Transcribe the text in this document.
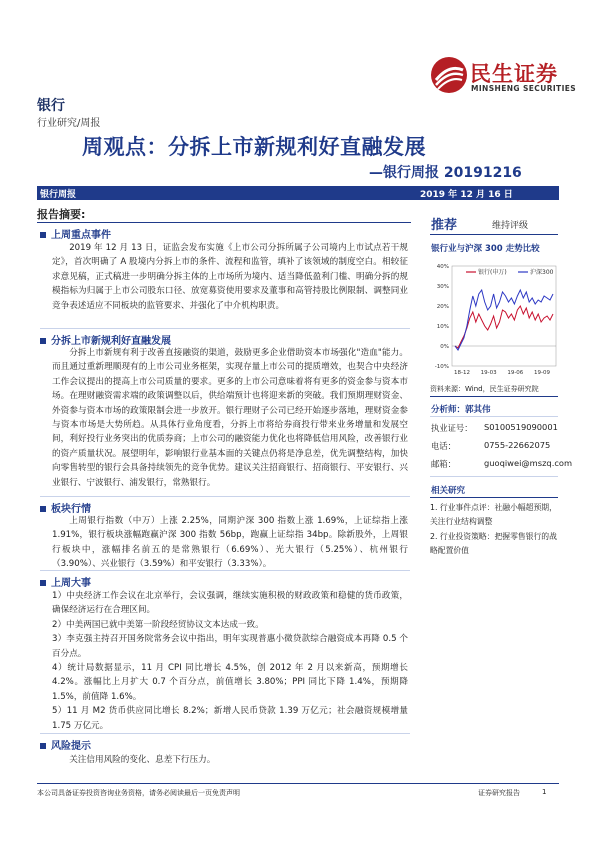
民生证券
MINSHENG SECURITIES
银行
行业研究/周报
周观点：分拆上市新规利好直融发展
—银行周报 20191216
银行周报	2019 年 12 月 16 日
报告摘要:
上周重点事件
2019 年 12 月 13 日，证监会发布实施《上市公司分拆所属子公司境内上市试点若干规定》，首次明确了 A 股境内分拆上市的条件、流程和监管，填补了该领域的制度空白。相较征求意见稿，正式稿进一步明确分拆主体的上市场所为境内、适当降低盈利门槛、明确分拆的规模指标为归属于上市公司股东口径、放宽募资使用要求及董事和高管持股比例限制、调整同业竞争表述适应不同板块的监管要求、并强化了中介机构职责。
分拆上市新规利好直融发展
分拆上市新规有利于改善直接融资的渠道，鼓励更多企业借助资本市场强化"造血"能力。而且通过重新理顺现有的上市公司业务框架，实现存量上市公司的提质增效，也契合中央经济工作会议提出的提高上市公司质量的要求。更多的上市公司意味着将有更多的资金参与资本市场。在理财融资需求端的政策调整以后，供给端预计也将迎来新的突破。我们预期理财资金、外资参与资本市场的政策限制会进一步放开。银行理财子公司已经开始逐步落地，理财资金参与资本市场是大势所趋。从具体行业角度看，分拆上市将给券商投行带来业务增量和发展空间，利好投行业务突出的优质券商；上市公司的融资能力优化也将降低信用风险，改善银行业的资产质量状况。展望明年，影响银行业基本面的关键点仍将是净息差，优先调整结构，加快向零售转型的银行会具备持续领先的竞争优势。建议关注招商银行、招商银行、平安银行、兴业银行、宁波银行、浦发银行，常熟银行。
板块行情
上周银行指数（中万）上涨 2.25%，同期沪深 300 指数上涨 1.69%，上证综指上涨 1.91%，银行板块涨幅跑赢沪深 300 指数 56bp，跑赢上证综指 34bp。除新股外，上周银行板块中，涨幅排名前五的是常熟银行（6.69%）、光大银行（5.25%）、杭州银行（3.90%）、兴业银行（3.59%）和平安银行（3.33%）。
上周大事
1）中央经济工作会议在北京举行，会议强调，继续实施积极的财政政策和稳健的货币政策，确保经济运行在合理区间。
2）中美两国已就中美第一阶段经贸协议文本达成一致。
3）李克强主持召开国务院常务会议中指出，明年实现普惠小微贷款综合融资成本再降 0.5 个百分点。
4）统计局数据显示，11 月 CPI 同比增长 4.5%，创 2012 年 2 月以来新高，预期增长 4.2%。涨幅比上月扩大 0.7 个百分点，前值增长 3.80%；PPI 同比下降 1.4%，预期降 1.5%，前值降 1.6%。
5）11 月 M2 货币供应同比增长 8.2%；新增人民币贷款 1.39 万亿元；社会融资规模增量 1.75 万亿元。
风险提示
关注信用风险的变化、息差下行压力。
推荐	维持评级
银行业与沪深 300 走势比较
40%
30%
20%
10%
0%
-10%
18-12 19-03 19-06 19-09
银行(申万)	沪深300
资料来源：Wind，民生证券研究院
分析师：郭其伟
执业证号： S0100519090001
电话：	0755-22662075
邮箱：	guoqiwei@mszq.com
相关研究
1. 行业事件点评：社融小幅超预期，关注行业结构调整
2. 行业投资策略：把握零售银行的战略配置价值
本公司具备证券投资咨询业务资格，请务必阅读最后一页免责声明	证券研究报告	1
